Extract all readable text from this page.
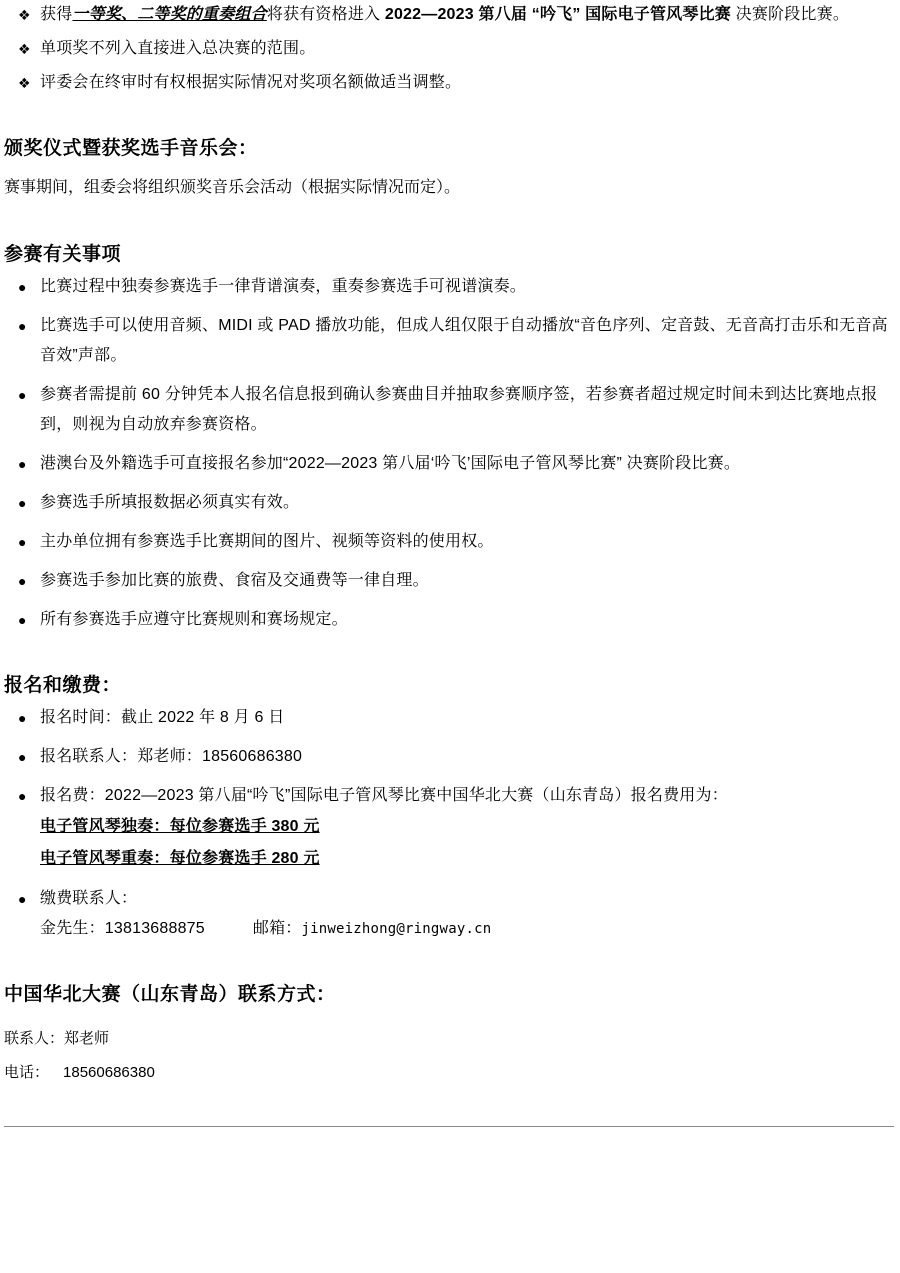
❖ 获得一等奖、二等奖的重奏组合将获有资格进入 2022—2023 第八届 “吟飞” 国际电子管风琴比赛 决赛阶段比赛。
❖ 单项奖不列入直接进入总决赛的范围。
❖ 评委会在终审时有权根据实际情况对奖项名额做适当调整。
颁奖仪式暨获奖选手音乐会：

赛事期间，组委会将组织颁奖音乐会活动（根据实际情况而定）。

参赛有关事项
● 比赛过程中独奏参赛选手一律背谱演奏，重奏参赛选手可视谱演奏。
● 比赛选手可以使用音频、MIDI 或 PAD 播放功能，但成人组仅限于自动播放“音色序列、定音鼓、无音高打击乐和无音高音效”声部。
● 参赛者需提前 60 分钟凭本人报名信息报到确认参赛曲目并抽取参赛顺序签，若参赛者超过规定时间未到达比赛地点报到，则视为自动放弃参赛资格。
● 港澳台及外籍选手可直接报名参加“2022—2023 第八届‘吟飞’国际电子管风琴比赛” 决赛阶段比赛。
● 参赛选手所填报数据必须真实有效。
● 主办单位拥有参赛选手比赛期间的图片、视频等资料的使用权。
● 参赛选手参加比赛的旅费、食宿及交通费等一律自理。
● 所有参赛选手应遵守比赛规则和赛场规定。
报名和缴费：
● 报名时间：截止 2022 年 8 月 6 日
● 报名联系人：郑老师：18560686380
● 报名费：2022—2023 第八届“吟飞”国际电子管风琴比赛中国华北大赛（山东青岛）报名费用为：
电子管风琴独奏：每位参赛选手 380 元
电子管风琴重奏：每位参赛选手 280 元
● 缴费联系人：
金先生：13813688875	邮箱：jinweizhong@ringway.cn
中国华北大赛（山东青岛）联系方式：
联系人： 郑老师
电话： 18560686380
